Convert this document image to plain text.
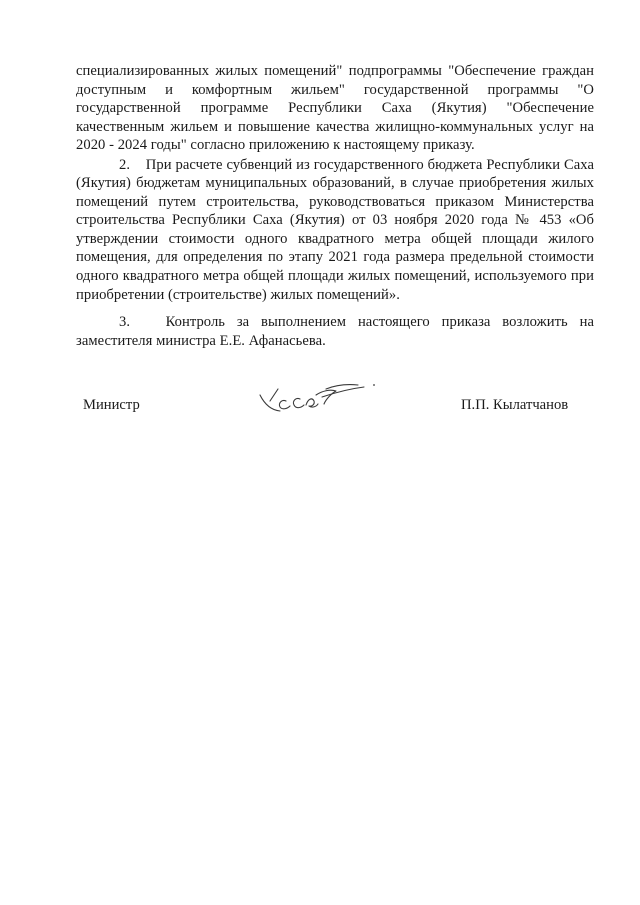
специализированных жилых помещений" подпрограммы "Обеспечение граждан доступным и комфортным жильем" государственной программы "О государственной программе Республики Саха (Якутия) "Обеспечение качественным жильем и повышение качества жилищно-коммунальных услуг на 2020 - 2024 годы" согласно приложению к настоящему приказу.

2.    При расчете субвенций из государственного бюджета Республики Саха (Якутия) бюджетам муниципальных образований, в случае приобретения жилых помещений путем строительства, руководствоваться приказом Министерства строительства Республики Саха (Якутия) от 03 ноября 2020 года № 453 «Об утверждении стоимости одного квадратного метра общей площади жилого помещения, для определения по этапу 2021 года размера предельной стоимости одного квадратного метра общей площади жилых помещений, используемого при приобретении (строительстве) жилых помещений».

3.   Контроль за выполнением настоящего приказа возложить на заместителя министра Е.Е. Афанасьева.

Министр	П.П. Кылатчанов
